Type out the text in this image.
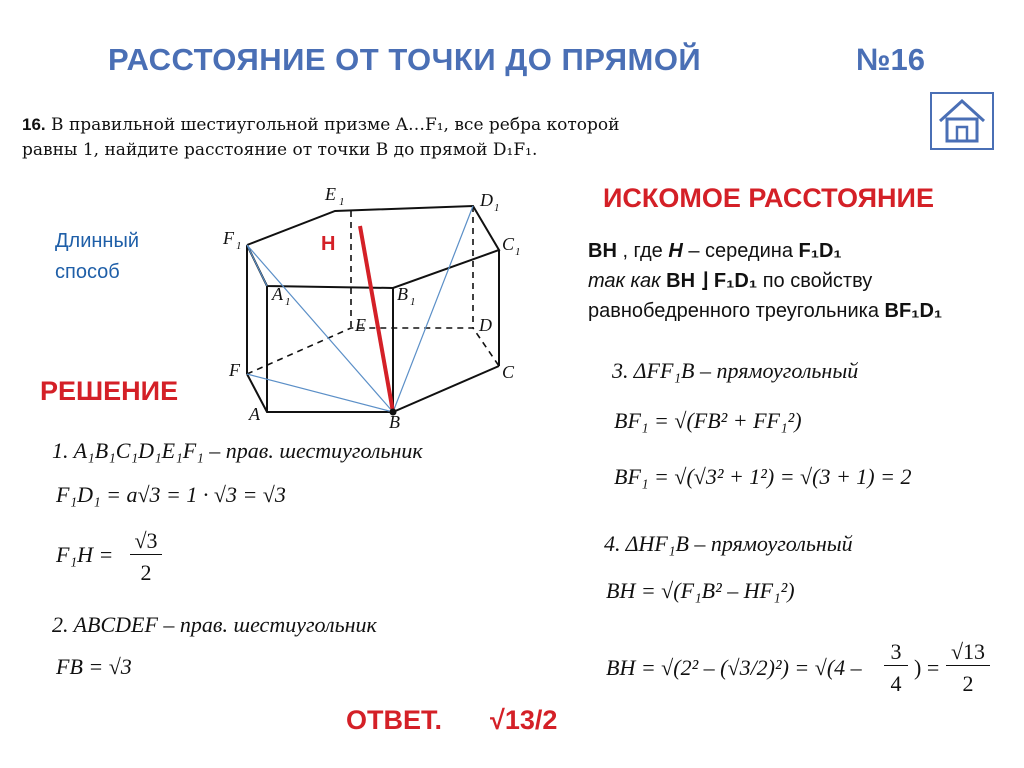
РАССТОЯНИЕ ОТ ТОЧКИ ДО ПРЯМОЙ	№16
16. В правильной шестиугольной призме A…F₁, все ребра которой
равны 1, найдите расстояние от точки B до прямой D₁F₁.
Длинный способ
E 1	D 1
F 1	C 1
A 1	B 1
E	D
F	C
A	B
H
ИСКОМОЕ РАССТОЯНИЕ
BH , где H – середина F₁D₁
так как BH ⌋ F₁D₁ по свойству
равнобедренного треугольника BF₁D₁
РЕШЕНИЕ
1. A₁B₁C₁D₁E₁F₁ – прав. шестиугольник
F₁D₁ = a√3 = 1 · √3 = √3
F₁H =
√3
2
2. ABCDEF – прав. шестиугольник
FB = √3
3. ΔFF₁B – прямоугольный
BF₁ = √(FB² + FF₁²)
BF₁ = √(√3² + 1²) = √(3 + 1) = 2
4. ΔHF₁B – прямоугольный
BH = √(F₁B² – HF₁²)
BH = √(2² – (√3/2)²) = √(4 –
3
4
) =
√13
2
ОТВЕТ. √13/2
